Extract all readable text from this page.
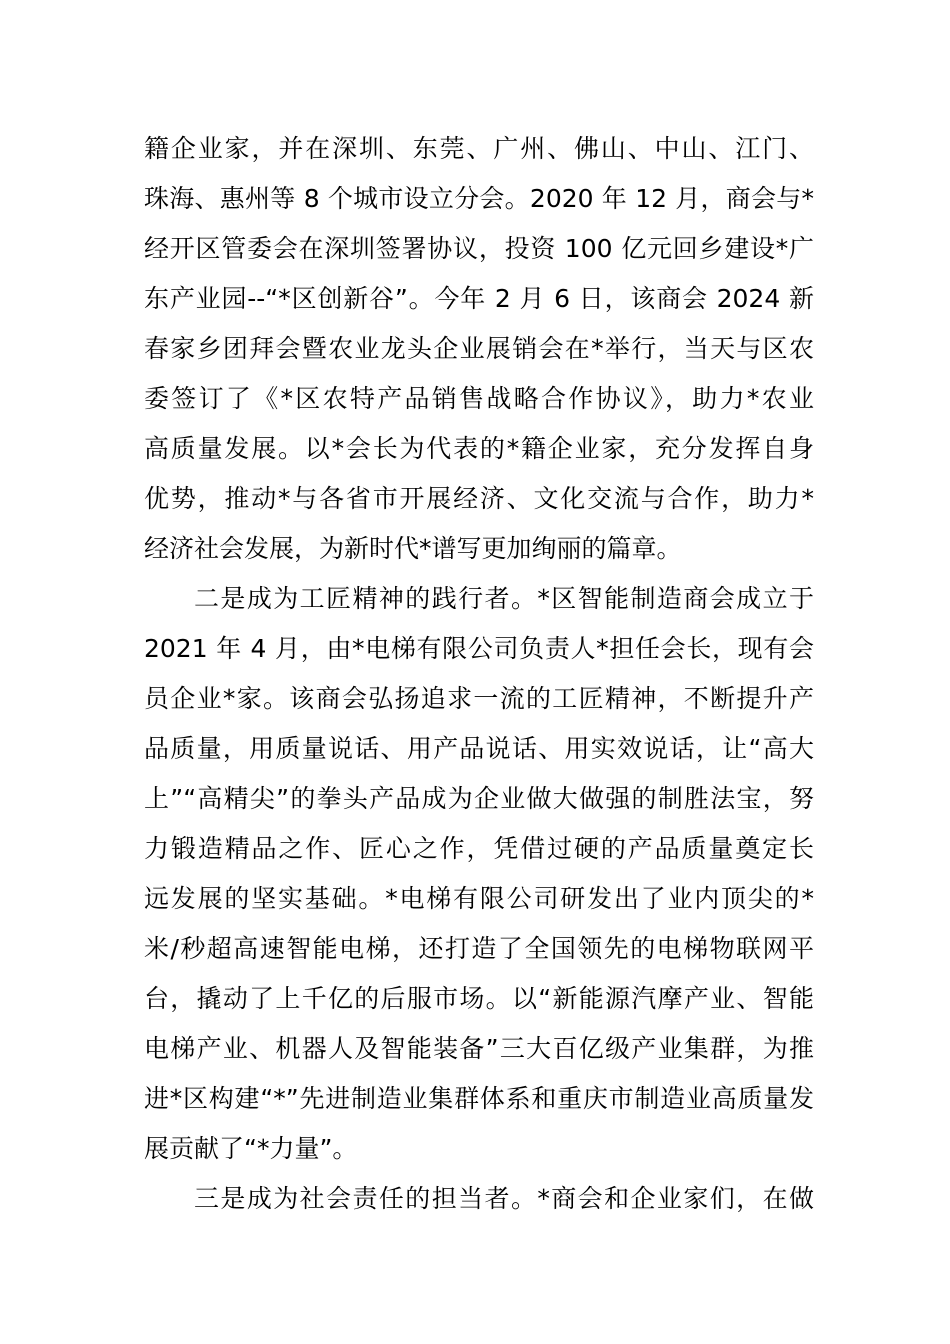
籍企业家，并在深圳、东莞、广州、佛山、中山、江门、
珠海、惠州等 8 个城市设立分会。2020 年 12 月，商会与*
经开区管委会在深圳签署协议，投资 100 亿元回乡建设*广
东产业园--“*区创新谷”。今年 2 月 6 日，该商会 2024 新
春家乡团拜会暨农业龙头企业展销会在*举行，当天与区农
委签订了《*区农特产品销售战略合作协议》，助力*农业
高质量发展。以*会长为代表的*籍企业家，充分发挥自身
优势，推动*与各省市开展经济、文化交流与合作，助力*
经济社会发展，为新时代*谱写更加绚丽的篇章。
二是成为工匠精神的践行者。*区智能制造商会成立于
2021 年 4 月，由*电梯有限公司负责人*担任会长，现有会
员企业*家。该商会弘扬追求一流的工匠精神，不断提升产
品质量，用质量说话、用产品说话、用实效说话，让“高大
上”“高精尖”的拳头产品成为企业做大做强的制胜法宝，努
力锻造精品之作、匠心之作，凭借过硬的产品质量奠定长
远发展的坚实基础。*电梯有限公司研发出了业内顶尖的*
米/秒超高速智能电梯，还打造了全国领先的电梯物联网平
台，撬动了上千亿的后服市场。以“新能源汽摩产业、智能
电梯产业、机器人及智能装备”三大百亿级产业集群，为推
进*区构建“*”先进制造业集群体系和重庆市制造业高质量发
展贡献了“*力量”。
三是成为社会责任的担当者。*商会和企业家们，在做
